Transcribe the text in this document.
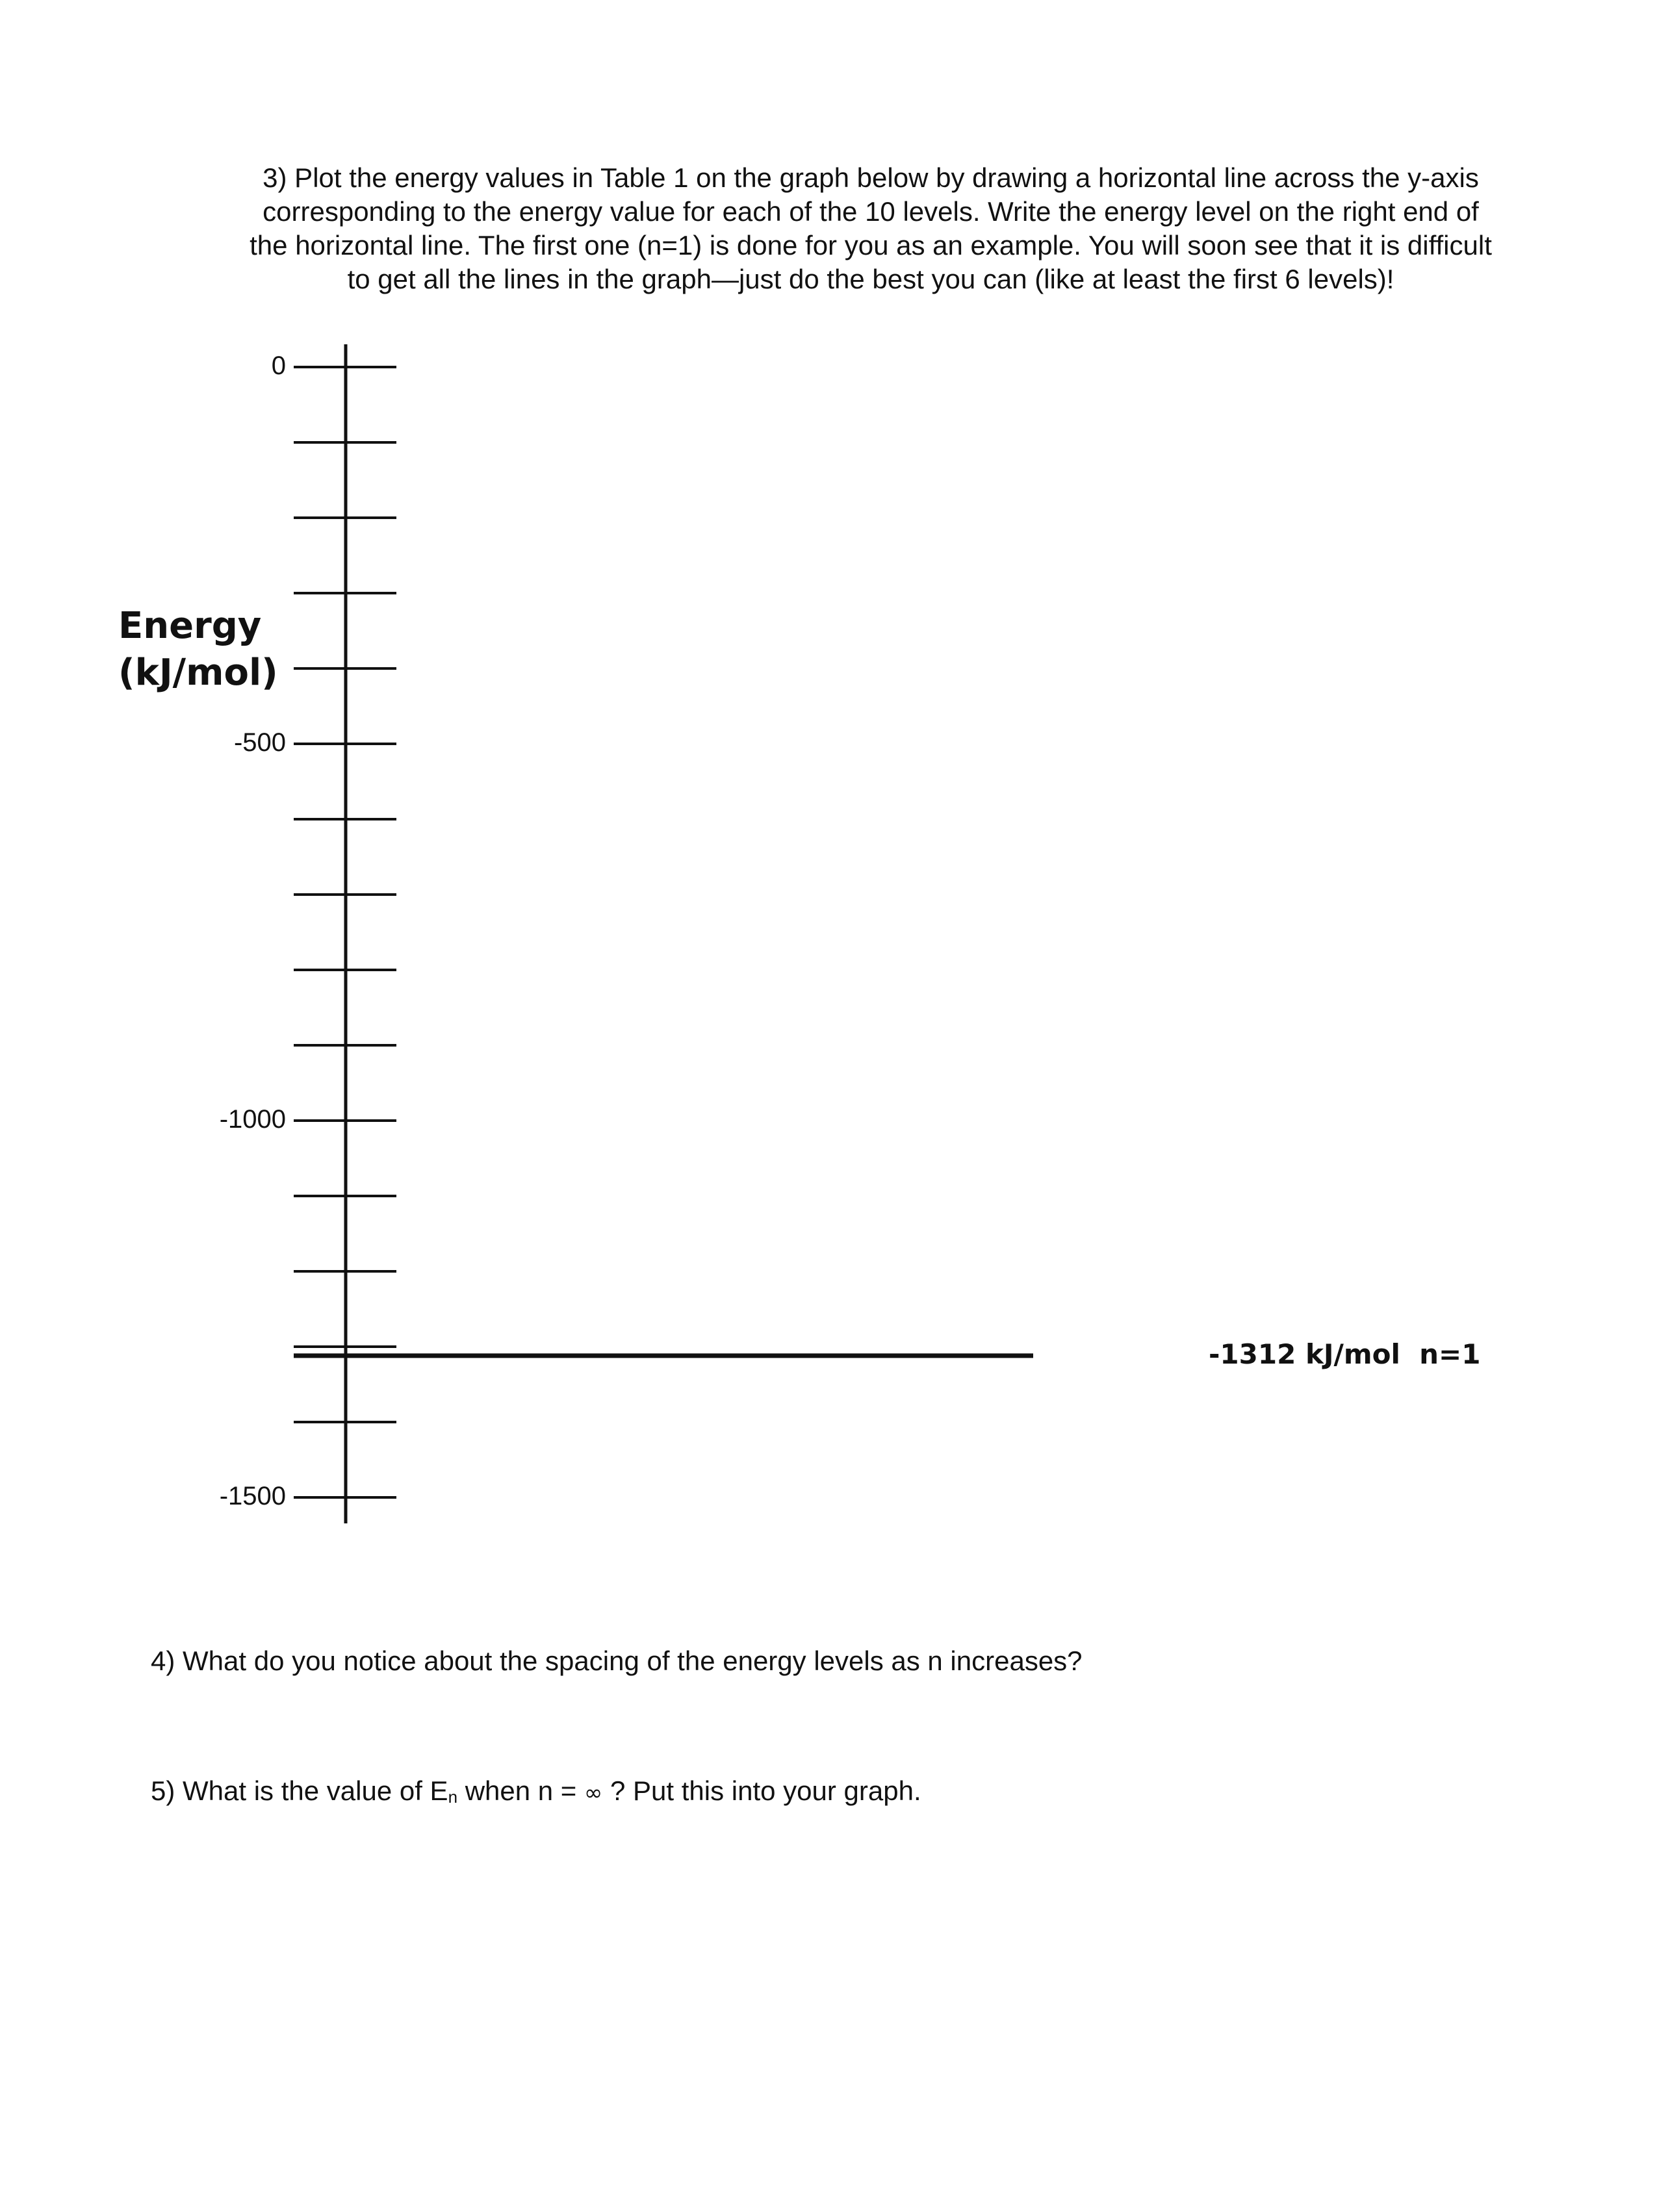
3) Plot the energy values in Table 1 on the graph below by drawing a horizontal line across the y-axis
corresponding to the energy value for each of the 10 levels. Write the energy level on the right end of
the horizontal line. The first one (n=1) is done for you as an example. You will soon see that it is difficult
to get all the lines in the graph—just do the best you can (like at least the first 6 levels)!
Energy
(kJ/mol)
0
-500
-1000
-1500
-1312 kJ/mol  n=1

4) What do you notice about the spacing of the energy levels as n increases?

5) What is the value of En when n = ∞ ? Put this into your graph.
